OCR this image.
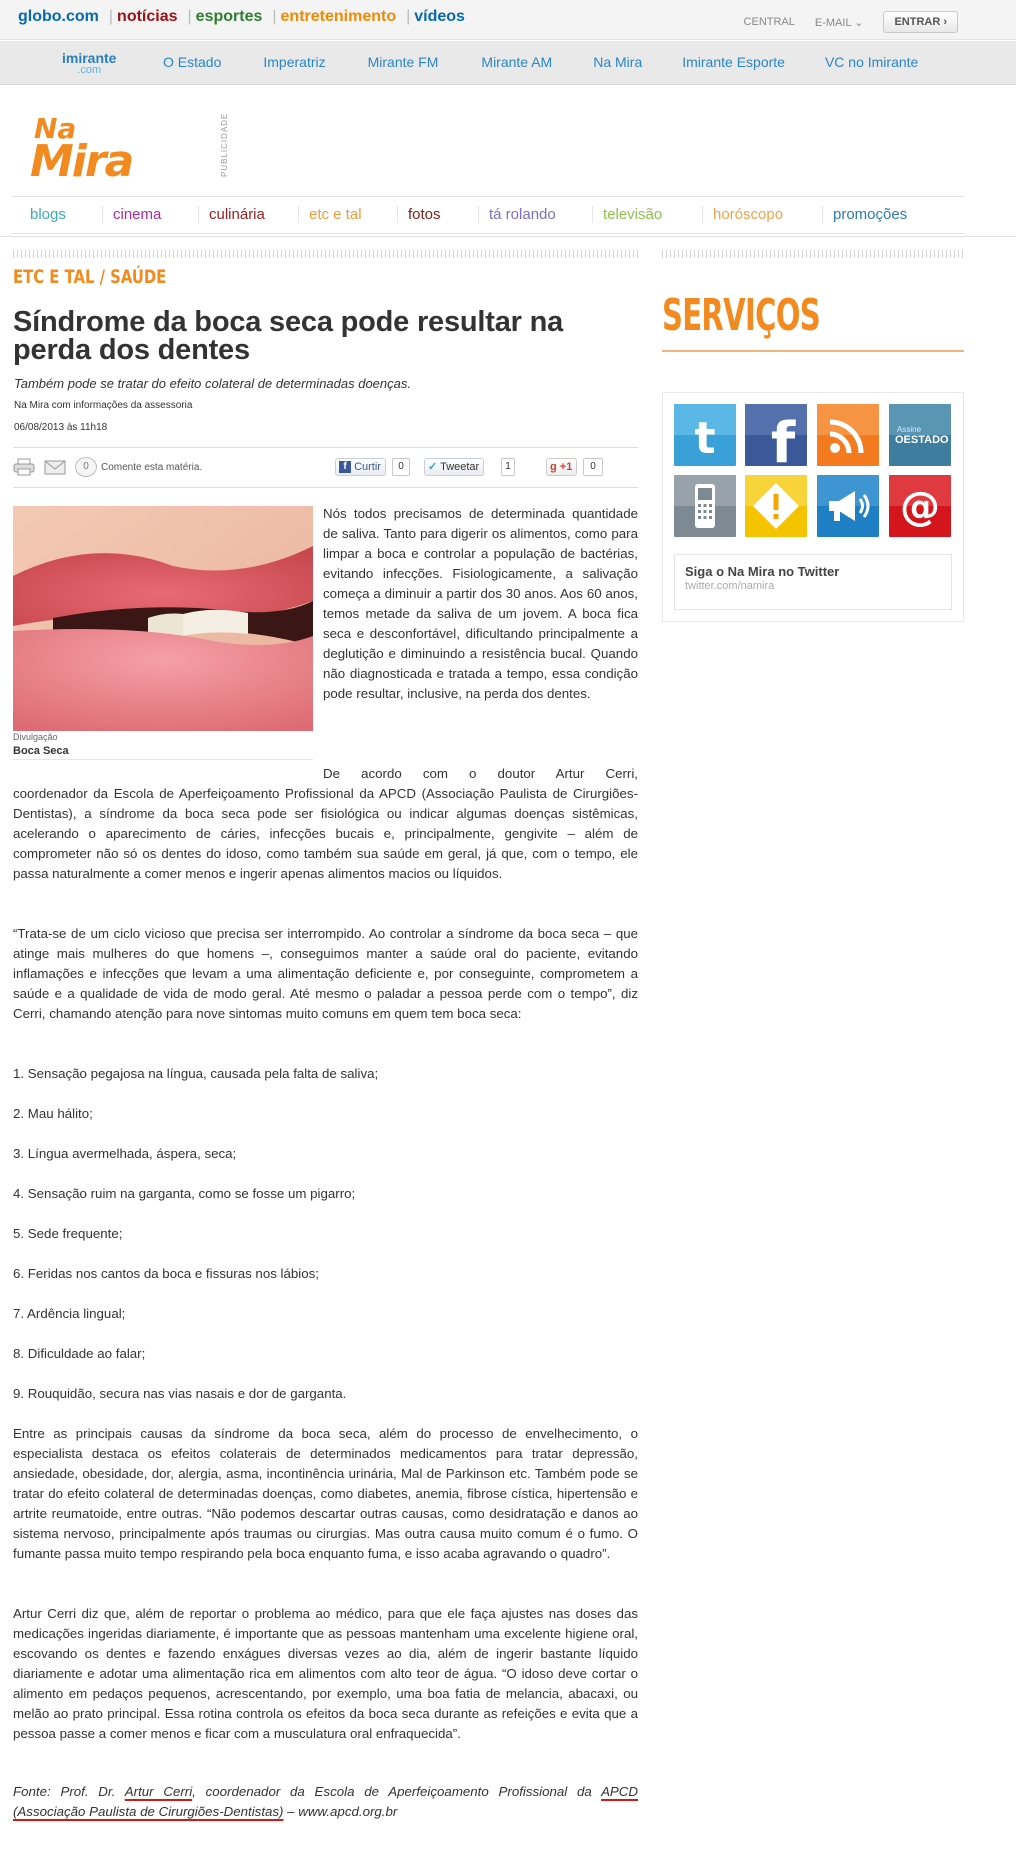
globo.com | notícias | esportes | entretenimento | vídeos	CENTRAL E-MAIL ⌄	ENTRAR ›
imirante
.com	O Estado	Imperatriz	Mirante FM	Mirante AM	Na Mira	Imirante Esporte	VC no Imirante
Na
Mira	PUBLICIDADE
blogs	cinema	culinária	etc e tal	fotos	tá rolando	televisão	horóscopo	promoções
ETC E TAL / SAÚDE
Síndrome da boca seca pode resultar na perda dos dentes
Também pode se tratar do efeito colateral de determinadas doenças.
Na Mira com informações da assessoria
06/08/2013 às 11h18
0	Comente esta matéria.	f Curtir	0	✓ Tweetar	1	g +1	0
Divulgação
Boca Seca
Nós todos precisamos de determinada quantidade de saliva. Tanto para digerir os alimentos, como para limpar a boca e controlar a população de bactérias, evitando infecções. Fisiologicamente, a salivação começa a diminuir a partir dos 30 anos. Aos 60 anos, temos metade da saliva de um jovem. A boca fica seca e desconfortável, dificultando principalmente a deglutição e diminuindo a resistência bucal. Quando não diagnosticada e tratada a tempo, essa condição pode resultar, inclusive, na perda dos dentes.
De acordo com o doutor Artur Cerri,
coordenador da Escola de Aperfeiçoamento Profissional da APCD (Associação Paulista de Cirurgiões-Dentistas), a síndrome da boca seca pode ser fisiológica ou indicar algumas doenças sistêmicas, acelerando o aparecimento de cáries, infecções bucais e, principalmente, gengivite – além de comprometer não só os dentes do idoso, como também sua saúde em geral, já que, com o tempo, ele passa naturalmente a comer menos e ingerir apenas alimentos macios ou líquidos.
“Trata-se de um ciclo vicioso que precisa ser interrompido. Ao controlar a síndrome da boca seca – que atinge mais mulheres do que homens –, conseguimos manter a saúde oral do paciente, evitando inflamações e infecções que levam a uma alimentação deficiente e, por conseguinte, comprometem a saúde e a qualidade de vida de modo geral. Até mesmo o paladar a pessoa perde com o tempo”, diz Cerri, chamando atenção para nove sintomas muito comuns em quem tem boca seca:
1. Sensação pegajosa na língua, causada pela falta de saliva;
2. Mau hálito;
3. Língua avermelhada, áspera, seca;
4. Sensação ruim na garganta, como se fosse um pigarro;
5. Sede frequente;
6. Feridas nos cantos da boca e fissuras nos lábios;
7. Ardência lingual;
8. Dificuldade ao falar;
9. Rouquidão, secura nas vias nasais e dor de garganta.
Entre as principais causas da síndrome da boca seca, além do processo de envelhecimento, o especialista destaca os efeitos colaterais de determinados medicamentos para tratar depressão, ansiedade, obesidade, dor, alergia, asma, incontinência urinária, Mal de Parkinson etc. Também pode se tratar do efeito colateral de determinadas doenças, como diabetes, anemia, fibrose cística, hipertensão e artrite reumatoide, entre outras. “Não podemos descartar outras causas, como desidratação e danos ao sistema nervoso, principalmente após traumas ou cirurgias. Mas outra causa muito comum é o fumo. O fumante passa muito tempo respirando pela boca enquanto fuma, e isso acaba agravando o quadro”.
Artur Cerri diz que, além de reportar o problema ao médico, para que ele faça ajustes nas doses das medicações ingeridas diariamente, é importante que as pessoas mantenham uma excelente higiene oral, escovando os dentes e fazendo enxágues diversas vezes ao dia, além de ingerir bastante líquido diariamente e adotar uma alimentação rica em alimentos com alto teor de água. “O idoso deve cortar o alimento em pedaços pequenos, acrescentando, por exemplo, uma boa fatia de melancia, abacaxi, ou melão ao prato principal. Essa rotina controla os efeitos da boca seca durante as refeições e evita que a pessoa passe a comer menos e ficar com a musculatura oral enfraquecida”.
Fonte: Prof. Dr. Artur Cerri, coordenador da Escola de Aperfeiçoamento Profissional da APCD (Associação Paulista de Cirurgiões-Dentistas) – www.apcd.org.br
SERVIÇOS
t f	Assine
OESTADO
@
Siga o Na Mira no Twitter
twitter.com/namira
